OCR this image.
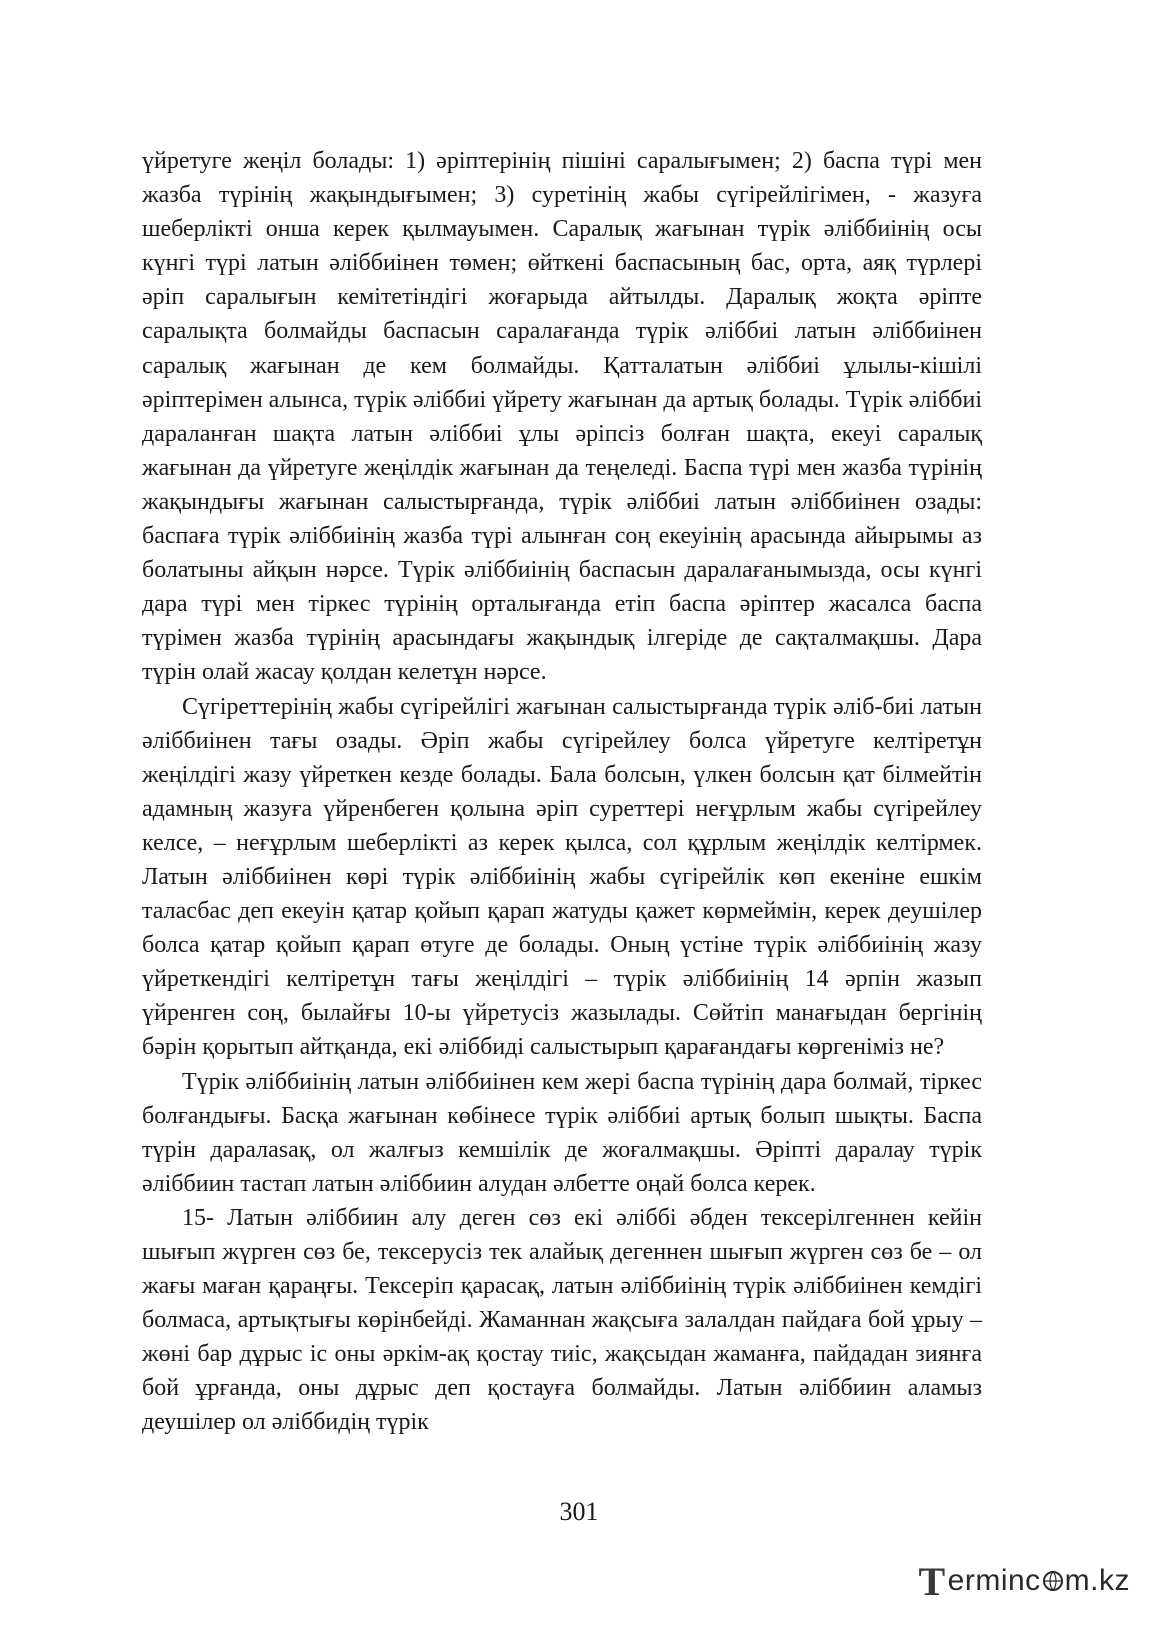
үйретуге жеңіл болады: 1) әріптерінің пішіні саралығымен; 2) баспа түрі мен жазба түрінің жақындығымен; 3) суретінің жабы сүгірейлігімен, - жазуға шеберлікті онша керек қылмауымен. Саралық жағынан түрік әліббиінің осы күнгі түрі латын әліббиінен төмен; өйткені баспасының бас, орта, аяқ түрлері әріп саралығын кемітетіндігі жоғарыда айтылды. Даралық жоқта әріпте саралықта болмайды баспасын саралағанда түрік әліббиі латын әліббиінен саралық жағынан де кем болмайды. Қатталатын әліббиі ұлылы-кішілі әріптерімен алынса, түрік әліббиі үйрету жағынан да артық болады. Түрік әліббиі дараланған шақта латын әліббиі ұлы әріпсіз болған шақта, екеуі саралық жағынан да үйретуге жеңілдік жағынан да теңеледі. Баспа түрі мен жазба түрінің жақындығы жағынан салыстырғанда, түрік әліббиі латын әліббиінен озады: баспаға түрік әліббиінің жазба түрі алынған соң екеуінің арасында айырымы аз болатыны айқын нәрсе. Түрік әліббиінің баспасын даралағанымызда, осы күнгі дара түрі мен тіркес түрінің орталығанда етіп баспа әріптер жасалса баспа түрімен жазба түрінің арасындағы жақындық ілгеріде де сақталмақшы. Дара түрін олай жасау қолдан келетұн нәрсе.

Сүгіреттерінің жабы сүгірейлігі жағынан салыстырғанда түрік әліб-биі латын әліббиінен тағы озады. Әріп жабы сүгірейлеу болса үйретуге келтіретұн жеңілдігі жазу үйреткен кезде болады. Бала болсын, үлкен болсын қат білмейтін адамның жазуға үйренбеген қолына әріп суреттері неғұрлым жабы сүгірейлеу келсе, – неғұрлым шеберлікті аз керек қылса, сол құрлым жеңілдік келтірмек. Латын әліббиінен көрі түрік әліббиінің жабы сүгірейлік көп екеніне ешкім таласбас деп екеуін қатар қойып қарап жатуды қажет көрмеймін, керек деушілер болса қатар қойып қарап өтуге де болады. Оның үстіне түрік әліббиінің жазу үйреткендігі келтіретұн тағы жеңілдігі – түрік әліббиінің 14 әрпін жазып үйренген соң, былайғы 10-ы үйретусіз жазылады. Сөйтіп манағыдан бергінің бәрін қорытып айтқанда, екі әліббиді салыстырып қарағандағы көргеніміз не?

Түрік әліббиінің латын әліббиінен кем жері баспа түрінің дара болмай, тіркес болғандығы. Басқа жағынан көбінесе түрік әліббиі артық болып шықты. Баспа түрін даралasaқ, ол жалғыз кемшілік де жоғалмақшы. Әріпті даралау түрік әліббиин тастап латын әліббиин алудан әлбетте оңай болса керек.

15- Латын әліббиин алу деген сөз екі әліббі әбден тексерілгеннен кейін шығып жүрген сөз бе, тексерусіз тек алайық дегеннен шығып жүрген сөз бе – ол жағы маған қараңғы. Тексеріп қарасақ, латын әліббиінің түрік әліббиінен кемдігі болмаса, артықтығы көрінбейді. Жаманнан жақсыға залалдан пайдаға бой ұрыу – жөні бар дұрыс іс оны әркім-ақ қостау тиіс, жақсыдан жаманға, пайдадан зиянға бой ұрғанда, оны дұрыс деп қостауға болмайды. Латын әліббиин аламыз деушілер ол әліббидің түрік

301
T ermin c m.kz
